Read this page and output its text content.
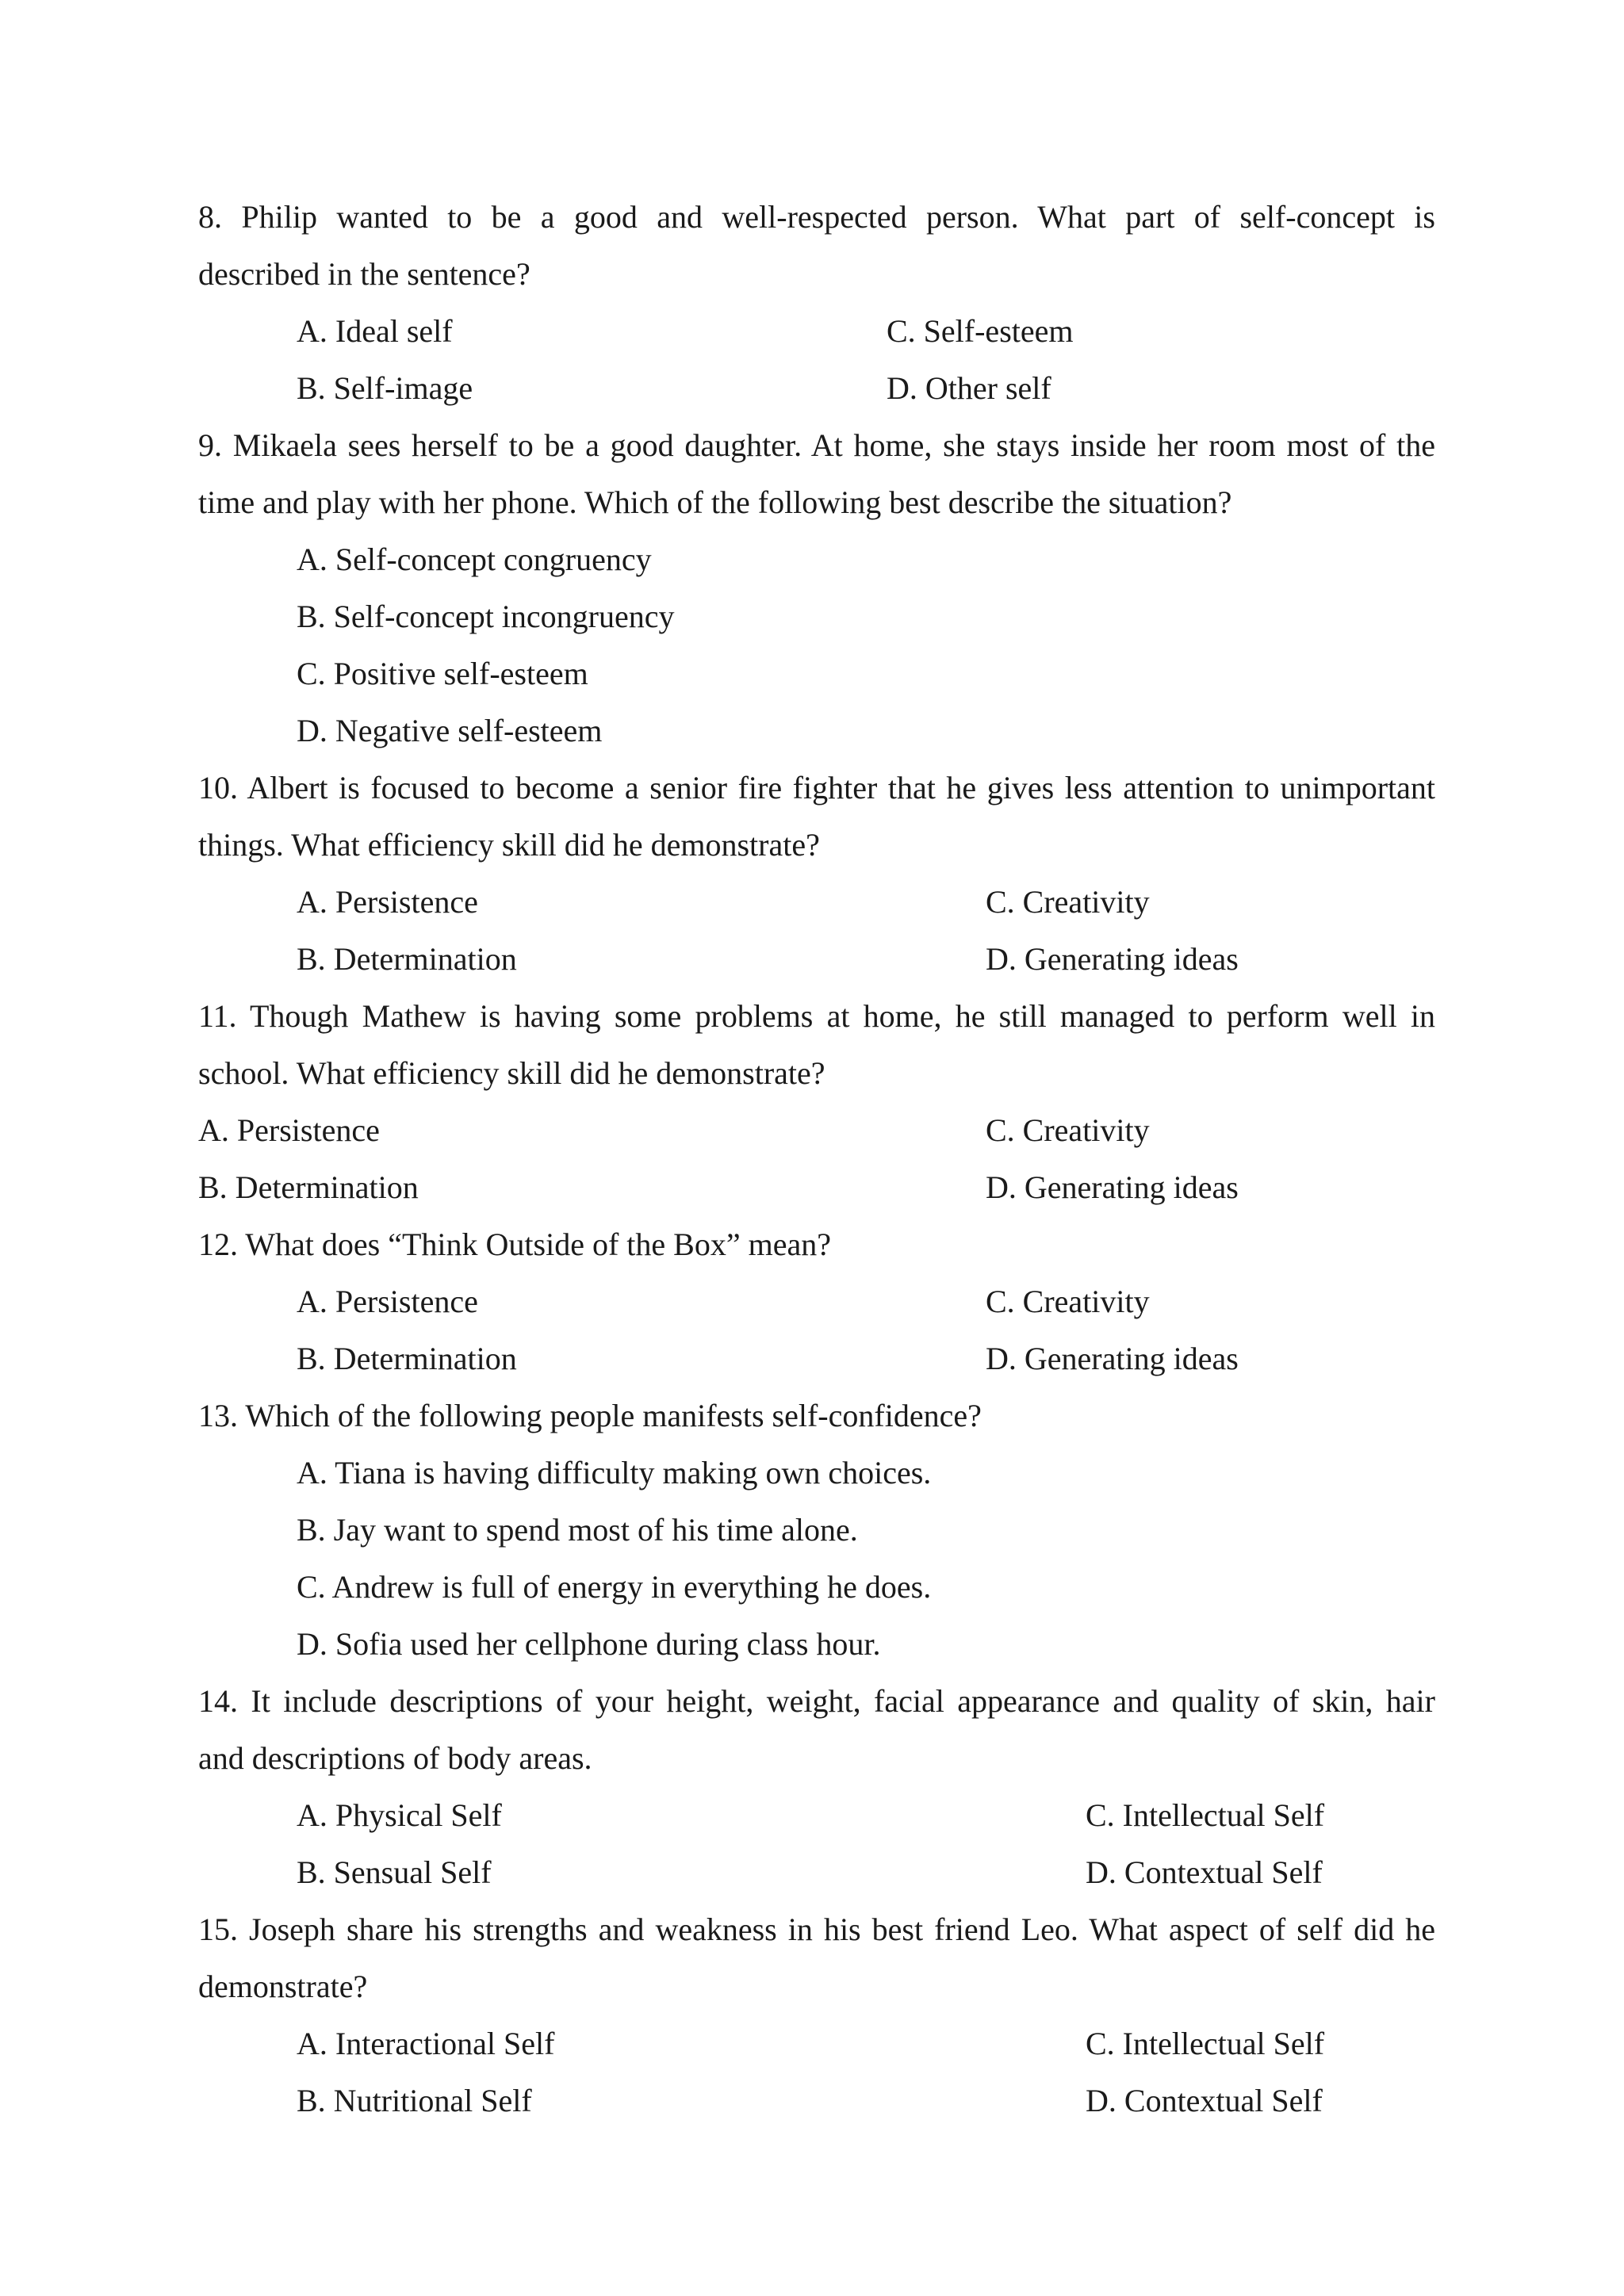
8. Philip wanted to be a good and well-respected person. What part of self-concept is
described in the sentence?
A. Ideal self	C. Self-esteem
B. Self-image	D. Other self
9. Mikaela sees herself to be a good daughter. At home, she stays inside her room most of the
time and play with her phone. Which of the following best describe the situation?
A. Self-concept congruency
B. Self-concept incongruency
C. Positive self-esteem
D. Negative self-esteem
10. Albert is focused to become a senior fire fighter that he gives less attention to unimportant
things. What efficiency skill did he demonstrate?
A. Persistence	C. Creativity
B. Determination	D. Generating ideas
11. Though Mathew is having some problems at home, he still managed to perform well in
school. What efficiency skill did he demonstrate?
A. Persistence	C. Creativity
B. Determination	D. Generating ideas
12. What does “Think Outside of the Box” mean?
A. Persistence	C. Creativity
B. Determination	D. Generating ideas
13. Which of the following people manifests self-confidence?
A. Tiana is having difficulty making own choices.
B. Jay want to spend most of his time alone.
C. Andrew is full of energy in everything he does.
D. Sofia used her cellphone during class hour.
14. It include descriptions of your height, weight, facial appearance and quality of skin, hair
and descriptions of body areas.
A. Physical Self	C. Intellectual Self
B. Sensual Self	D. Contextual Self
15. Joseph share his strengths and weakness in his best friend Leo. What aspect of self did he
demonstrate?
A. Interactional Self	C. Intellectual Self
B. Nutritional Self	D. Contextual Self
